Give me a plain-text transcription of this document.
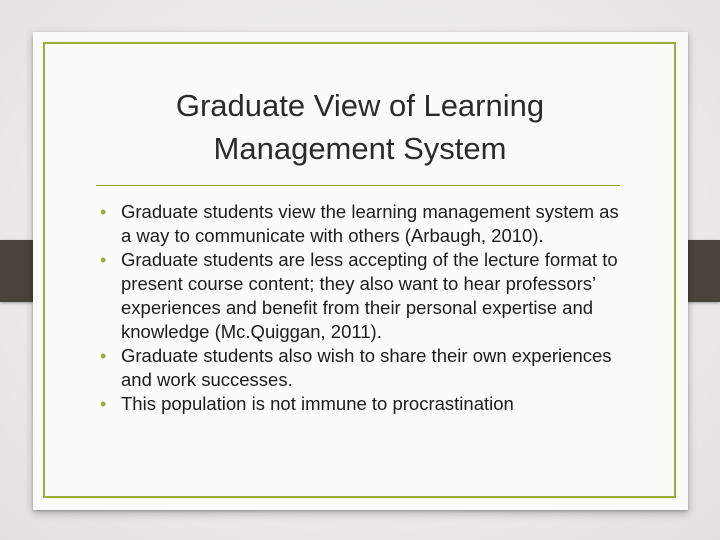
Graduate View of Learning Management System
• Graduate students view the learning management system as a way to communicate with others (Arbaugh, 2010).
• Graduate students are less accepting of the lecture format to present course content; they also want to hear professors’ experiences and benefit from their personal expertise and knowledge (Mc.Quiggan, 2011).
• Graduate students also wish to share their own experiences and work successes.
• This population is not immune to procrastination
